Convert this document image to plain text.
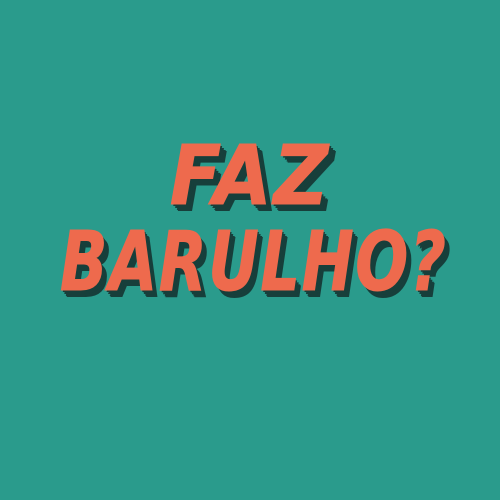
FAZ
BARULHO?
